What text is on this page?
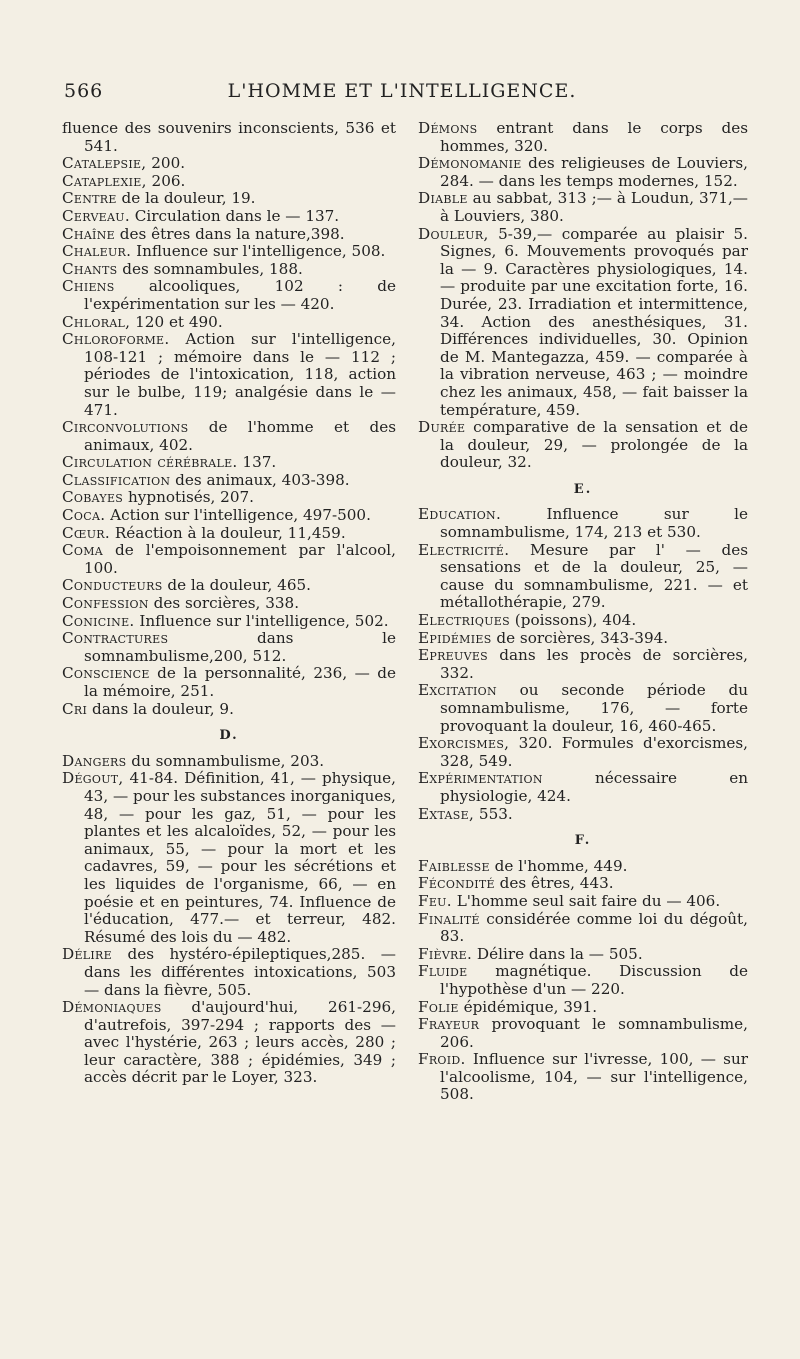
566	L'HOMME ET L'INTELLIGENCE.
fluence des souvenirs inconscients, 536 et 541.
Catalepsie, 200.
Cataplexie, 206.
Centre de la douleur, 19.
Cerveau. Circulation dans le — 137.
Chaîne des êtres dans la nature,398.
Chaleur. Influence sur l'intelligence, 508.
Chants des somnambules, 188.
Chiens alcooliques, 102 : de l'expérimentation sur les — 420.
Chloral, 120 et 490.
Chloroforme. Action sur l'intelligence, 108-121 ; mémoire dans le — 112 ; périodes de l'intoxication, 118, action sur le bulbe, 119; analgésie dans le — 471.
Circonvolutions de l'homme et des animaux, 402.
Circulation cérébrale. 137.
Classification des animaux, 403-398.
Cobayes hypnotisés, 207.
Coca. Action sur l'intelligence, 497-500.
Cœur. Réaction à la douleur, 11,459.
Coma de l'empoisonnement par l'alcool, 100.
Conducteurs de la douleur, 465.
Confession des sorcières, 338.
Conicine. Influence sur l'intelligence, 502.
Contractures dans le somnambulisme,200, 512.
Conscience de la personnalité, 236, — de la mémoire, 251.
Cri dans la douleur, 9.
D.
Dangers du somnambulisme, 203.
Dégout, 41-84. Définition, 41, — physique, 43, — pour les substances inorganiques, 48, — pour les gaz, 51, — pour les plantes et les alcaloïdes, 52, — pour les animaux, 55, — pour la mort et les cadavres, 59, — pour les sécrétions et les liquides de l'organisme, 66, — en poésie et en peintures, 74. Influence de l'éducation, 477.— et terreur, 482. Résumé des lois du — 482.
Délire des hystéro-épileptiques,285. — dans les différentes intoxications, 503 — dans la fièvre, 505.
Démoniaques d'aujourd'hui, 261-296, d'autrefois, 397-294 ; rapports des — avec l'hystérie, 263 ; leurs accès, 280 ; leur caractère, 388 ; épidémies, 349 ; accès décrit par le Loyer, 323.
Démons entrant dans le corps des hommes, 320.
Démonomanie des religieuses de Louviers, 284. — dans les temps modernes, 152.
Diable au sabbat, 313 ;— à Loudun, 371,— à Louviers, 380.
Douleur, 5-39,— comparée au plaisir 5. Signes, 6. Mouvements provoqués par la — 9. Caractères physiologiques, 14.— produite par une excitation forte, 16. Durée, 23. Irradiation et intermittence, 34. Action des anesthésiques, 31. Différences individuelles, 30. Opinion de M. Mantegazza, 459. — comparée à la vibration nerveuse, 463 ; — moindre chez les animaux, 458, — fait baisser la température, 459.
Durée comparative de la sensation et de la douleur, 29, — prolongée de la douleur, 32.
E.
Education. Influence sur le somnambulisme, 174, 213 et 530.
Electricité. Mesure par l' — des sensations et de la douleur, 25, — cause du somnambulisme, 221. — et métallothérapie, 279.
Electriques (poissons), 404.
Epidémies de sorcières, 343-394.
Epreuves dans les procès de sorcières, 332.
Excitation ou seconde période du somnambulisme, 176, — forte provoquant la douleur, 16, 460-465.
Exorcismes, 320. Formules d'exorcismes, 328, 549.
Expérimentation nécessaire en physiologie, 424.
Extase, 553.
F.
Faiblesse de l'homme, 449.
Fécondité des êtres, 443.
Feu. L'homme seul sait faire du — 406.
Finalité considérée comme loi du dégoût, 83.
Fièvre. Délire dans la — 505.
Fluide magnétique. Discussion de l'hypothèse d'un — 220.
Folie épidémique, 391.
Frayeur provoquant le somnambulisme, 206.
Froid. Influence sur l'ivresse, 100, — sur l'alcoolisme, 104, — sur l'intelligence, 508.
